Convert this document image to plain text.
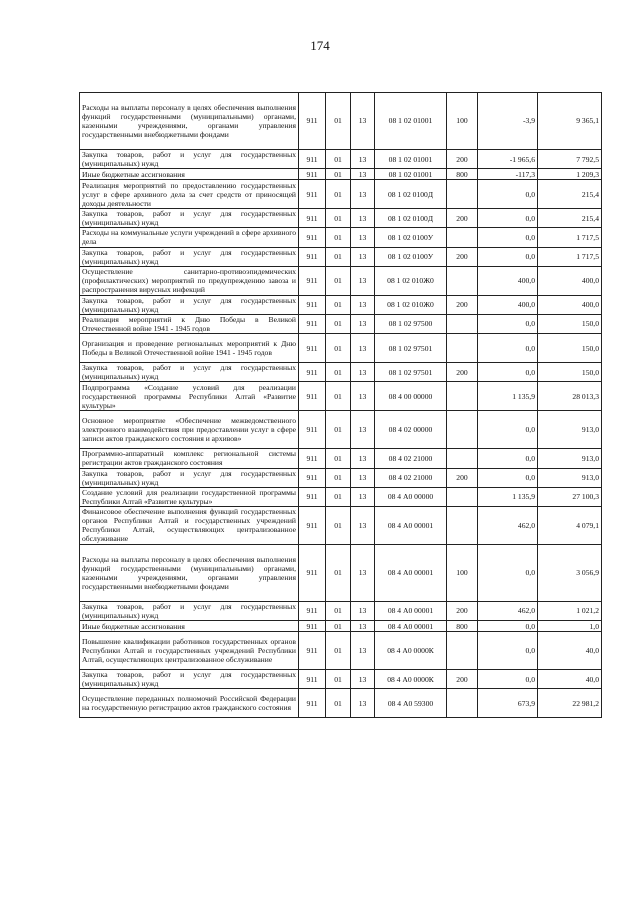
174
Расходы на выплаты персоналу в целях обеспечения выполнения функций государственными (муниципальными) органами, казенными учреждениями, органами управления государственными внебюджетными фондами	911	01	13	08 1 02 01001	100	-3,9	9 365,1
Закупка товаров, работ и услуг для государственных (муниципальных) нужд	911	01	13	08 1 02 01001	200	-1 965,6	7 792,5
Иные бюджетные ассигнования	911	01	13	08 1 02 01001	800	-117,3	1 209,3
Реализация мероприятий по предоставлению государственных услуг в сфере архивного дела за счет средств от приносящей доходы деятельности	911	01	13	08 1 02 0100Д		0,0	215,4
Закупка товаров, работ и услуг для государственных (муниципальных) нужд	911	01	13	08 1 02 0100Д	200	0,0	215,4
Расходы на коммунальные услуги учреждений в сфере архивного дела	911	01	13	08 1 02 0100У		0,0	1 717,5
Закупка товаров, работ и услуг для государственных (муниципальных) нужд	911	01	13	08 1 02 0100У	200	0,0	1 717,5
Осуществление санитарно-противоэпидемических (профилактических) мероприятий по предупреждению завоза и распространения вирусных инфекций	911	01	13	08 1 02 010Ж0		400,0	400,0
Закупка товаров, работ и услуг для государственных (муниципальных) нужд	911	01	13	08 1 02 010Ж0	200	400,0	400,0
Реализация мероприятий к Дню Победы в Великой Отечественной войне 1941 - 1945 годов	911	01	13	08 1 02 97500		0,0	150,0
Организация и проведение региональных мероприятий к Дню Победы в Великой Отечественной войне 1941 - 1945 годов	911	01	13	08 1 02 97501		0,0	150,0
Закупка товаров, работ и услуг для государственных (муниципальных) нужд	911	01	13	08 1 02 97501	200	0,0	150,0
Подпрограмма «Создание условий для реализации государственной программы Республики Алтай «Развитие культуры»	911	01	13	08 4 00 00000		1 135,9	28 013,3
Основное мероприятие «Обеспечение межведомственного электронного взаимодействия при предоставлении услуг в сфере записи актов гражданского состояния и архивов»	911	01	13	08 4 02 00000		0,0	913,0
Программно-аппаратный комплекс региональной системы регистрации актов гражданского состояния	911	01	13	08 4 02 21000		0,0	913,0
Закупка товаров, работ и услуг для государственных (муниципальных) нужд	911	01	13	08 4 02 21000	200	0,0	913,0
Создание условий для реализации государственной программы Республики Алтай «Развитие культуры»	911	01	13	08 4 А0 00000		1 135,9	27 100,3
Финансовое обеспечение выполнения функций государственных органов Республики Алтай и государственных учреждений Республики Алтай, осуществляющих централизованное обслуживание	911	01	13	08 4 А0 00001		462,0	4 079,1
Расходы на выплаты персоналу в целях обеспечения выполнения функций государственными (муниципальными) органами, казенными учреждениями, органами управления государственными внебюджетными фондами	911	01	13	08 4 А0 00001	100	0,0	3 056,9
Закупка товаров, работ и услуг для государственных (муниципальных) нужд	911	01	13	08 4 А0 00001	200	462,0	1 021,2
Иные бюджетные ассигнования	911	01	13	08 4 А0 00001	800	0,0	1,0
Повышение квалификации работников государственных органов Республики Алтай и государственных учреждений Республики Алтай, осуществляющих централизованное обслуживание	911	01	13	08 4 А0 0000К		0,0	40,0
Закупка товаров, работ и услуг для государственных (муниципальных) нужд	911	01	13	08 4 А0 0000К	200	0,0	40,0
Осуществление переданных полномочий Российской Федерации на государственную регистрацию актов гражданского состояния	911	01	13	08 4 А0 59300		673,9	22 981,2
